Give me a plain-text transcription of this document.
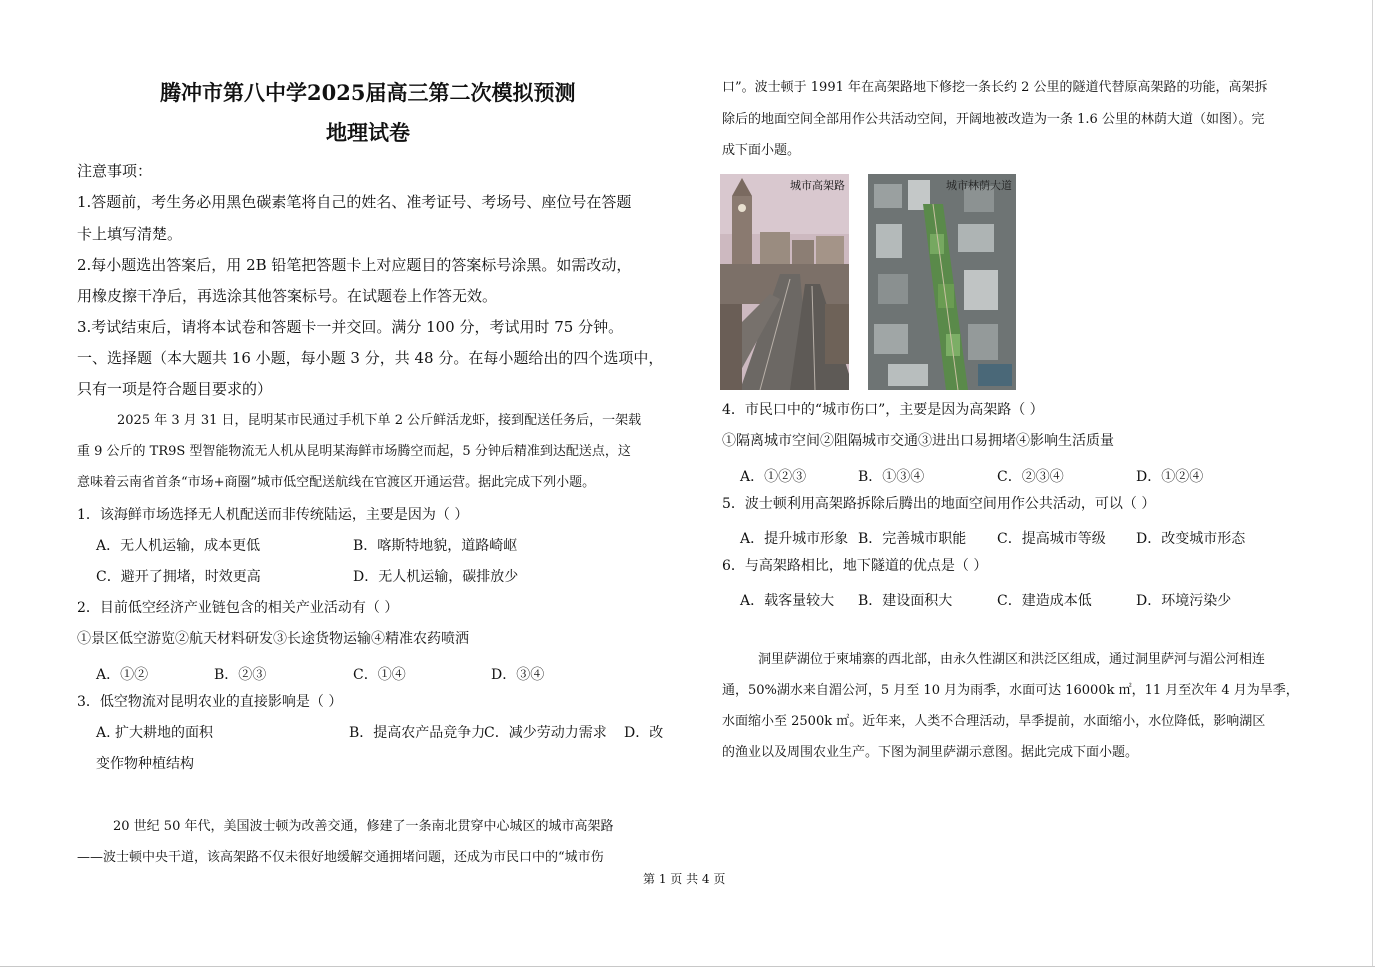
腾冲市第八中学2025届高三第二次模拟预测
地理试卷
注意事项：
1.答题前，考生务必用黑色碳素笔将自己的姓名、准考证号、考场号、座位号在答题
卡上填写清楚。
2.每小题选出答案后，用 2B 铅笔把答题卡上对应题目的答案标号涂黑。如需改动，
用橡皮擦干净后，再选涂其他答案标号。在试题卷上作答无效。
3.考试结束后，请将本试卷和答题卡一并交回。满分 100 分，考试用时 75 分钟。
一、选择题（本大题共 16 小题，每小题 3 分，共 48 分。在每小题给出的四个选项中，
只有一项是符合题目要求的）
2025 年 3 月 31 日，昆明某市民通过手机下单 2 公斤鲜活龙虾，接到配送任务后，一架载
重 9 公斤的 TR9S 型智能物流无人机从昆明某海鲜市场腾空而起，5 分钟后精准到达配送点，这
意味着云南省首条“市场+商圈”城市低空配送航线在官渡区开通运营。据此完成下列小题。
1．该海鲜市场选择无人机配送而非传统陆运，主要是因为（ ）
A．无人机运输，成本更低	B．喀斯特地貌，道路崎岖
C．避开了拥堵，时效更高	D．无人机运输，碳排放少
2．目前低空经济产业链包含的相关产业活动有（ ）
①景区低空游览②航天材料研发③长途货物运输④精准农药喷洒
A．①②	B．②③	C．①④	D．③④
3．低空物流对昆明农业的直接影响是（ ）
A. 扩大耕地的面积	B．提高农产品竞争力
C．减少劳动力需求 D．改
变作物种植结构
20 世纪 50 年代，美国波士顿为改善交通，修建了一条南北贯穿中心城区的城市高架路
——波士顿中央干道，该高架路不仅未很好地缓解交通拥堵问题，还成为市民口中的“城市伤
口”。波士顿于 1991 年在高架路地下修挖一条长约 2 公里的隧道代替原高架路的功能，高架拆
除后的地面空间全部用作公共活动空间，开阔地被改造为一条 1.6 公里的林荫大道（如图）。完
成下面小题。
城市高架路	城市林荫大道
4．市民口中的“城市伤口”，主要是因为高架路（ ）
①隔离城市空间②阻隔城市交通③进出口易拥堵④影响生活质量
A．①②③	B．①③④	C．②③④	D．①②④
5．波士顿利用高架路拆除后腾出的地面空间用作公共活动，可以（ ）
A．提升城市形象 B．完善城市职能 C．提高城市等级 D．改变城市形态
6．与高架路相比，地下隧道的优点是（ ）
A．载客量较大 B．建设面积大	C．建造成本低	D．环境污染少
洞里萨湖位于柬埔寨的西北部，由永久性湖区和洪泛区组成，通过洞里萨河与湄公河相连
通，50%湖水来自湄公河，5 月至 10 月为雨季，水面可达 16000k ㎡，11 月至次年 4 月为旱季，
水面缩小至 2500k ㎡。近年来，人类不合理活动，旱季提前，水面缩小，水位降低，影响湖区
的渔业以及周围农业生产。下图为洞里萨湖示意图。据此完成下面小题。
第 1 页 共 4 页
